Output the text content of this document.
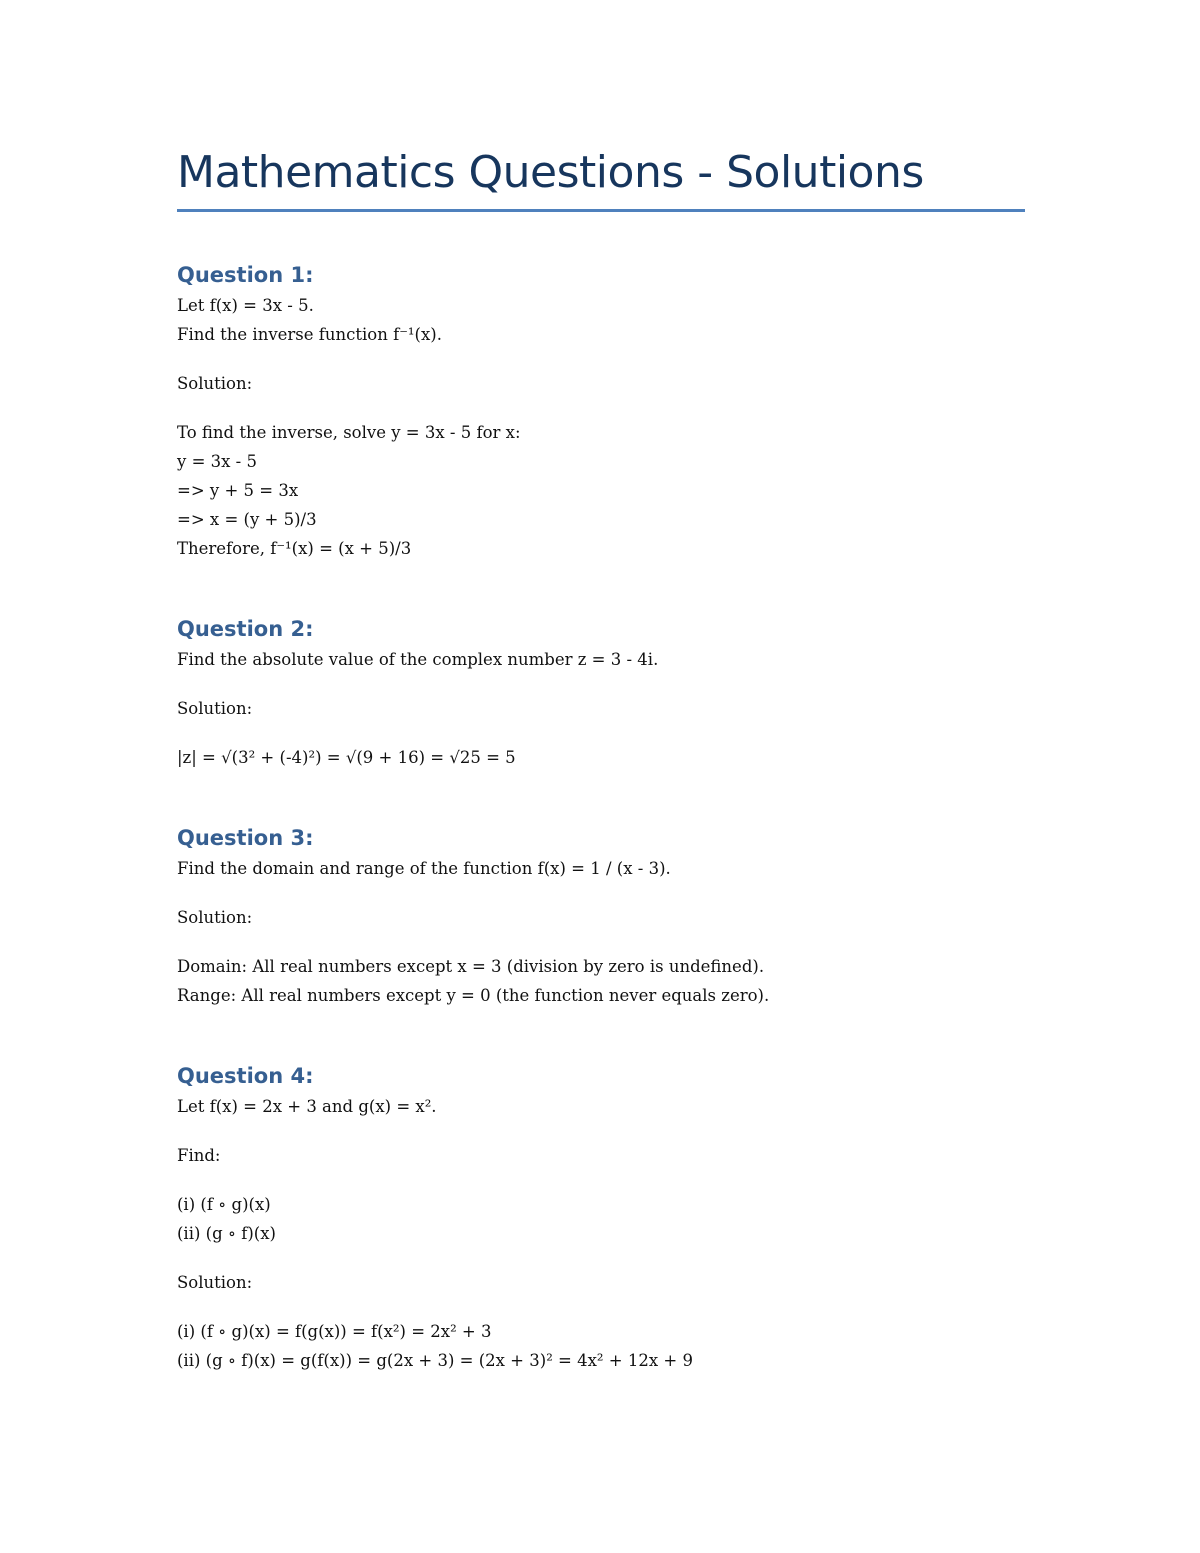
Mathematics Questions - Solutions
Question 1:

Let f(x) = 3x - 5.

Find the inverse function f⁻¹(x).

Solution:

To find the inverse, solve y = 3x - 5 for x:

y = 3x - 5

=> y + 5 = 3x

=> x = (y + 5)/3

Therefore, f⁻¹(x) = (x + 5)/3

Question 2:

Find the absolute value of the complex number z = 3 - 4i.

Solution:

|z| = √(3² + (-4)²) = √(9 + 16) = √25 = 5

Question 3:

Find the domain and range of the function f(x) = 1 / (x - 3).

Solution:

Domain: All real numbers except x = 3 (division by zero is undefined).

Range: All real numbers except y = 0 (the function never equals zero).

Question 4:

Let f(x) = 2x + 3 and g(x) = x².

Find:

(i) (f ∘ g)(x)

(ii) (g ∘ f)(x)

Solution:

(i) (f ∘ g)(x) = f(g(x)) = f(x²) = 2x² + 3

(ii) (g ∘ f)(x) = g(f(x)) = g(2x + 3) = (2x + 3)² = 4x² + 12x + 9
